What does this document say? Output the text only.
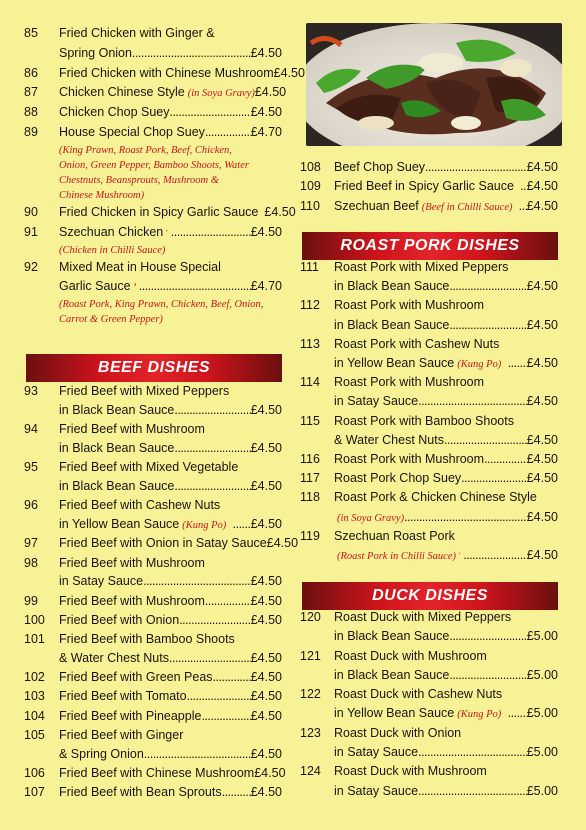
85	Fried Chicken with Ginger &
Spring Onion .....	£4.50
86	Fried Chicken with Chinese Mushroom £4.50
87	Chicken Chinese Style (in Soya Gravy) £4.50
88	Chicken Chop Suey .....	£4.50
89	House Special Chop Suey .....	£4.70
(King Prawn, Roast Pork, Beef, Chicken,
Onion, Green Pepper, Bamboo Shoots, Water
Chestnuts, Beansprouts, Mushroom &
Chinese Mushroom)
90	Fried Chicken in Spicy Garlic Sauce £4.50
91	Szechuan Chicken .....	£4.50
(Chicken in Chilli Sauce)
92	Mixed Meat in House Special
Garlic Sauce .....	£4.70
(Roast Pork, King Prawn, Chicken, Beef, Onion,
Carrot & Green Pepper)
BEEF DISHES
93	Fried Beef with Mixed Peppers
in Black Bean Sauce .....	£4.50
94	Fried Beef with Mushroom
in Black Bean Sauce .....	£4.50
95	Fried Beef with Mixed Vegetable
in Black Bean Sauce .....	£4.50
96	Fried Beef with Cashew Nuts
in Yellow Bean Sauce (Kung Po) ..... £4.50
97	Fried Beef with Onion in Satay Sauce £4.50
98	Fried Beef with Mushroom
in Satay Sauce .....	£4.50
99	Fried Beef with Mushroom .....	£4.50
100	Fried Beef with Onion .....	£4.50
101	Fried Beef with Bamboo Shoots
& Water Chest Nuts .....	£4.50
102	Fried Beef with Green Peas .....	£4.50
103	Fried Beef with Tomato .....	£4.50
104	Fried Beef with Pineapple .....	£4.50
105	Fried Beef with Ginger
& Spring Onion .....	£4.50
106	Fried Beef with Chinese Mushroom £4.50
107	Fried Beef with Bean Sprouts ..... £4.50
108	Beef Chop Suey .....	£4.50
109	Fried Beef in Spicy Garlic Sauce ..... £4.50
110	Szechuan Beef (Beef in Chilli Sauce) ..... £4.50
ROAST PORK DISHES
111	Roast Pork with Mixed Peppers
in Black Bean Sauce .....	£4.50
112	Roast Pork with Mushroom
in Black Bean Sauce .....	£4.50
113	Roast Pork with Cashew Nuts
in Yellow Bean Sauce (Kung Po) ..... £4.50
114	Roast Pork with Mushroom
in Satay Sauce .....	£4.50
115	Roast Pork with Bamboo Shoots
& Water Chest Nuts .....	£4.50
116	Roast Pork with Mushroom .....	£4.50
117	Roast Pork Chop Suey .....	£4.50
118	Roast Pork & Chicken Chinese Style
(in Soya Gravy) .....	£4.50
119	Szechuan Roast Pork
(Roast Pork in Chilli Sauce) .....	£4.50
DUCK DISHES
120	Roast Duck with Mixed Peppers
in Black Bean Sauce .....	£5.00
121	Roast Duck with Mushroom
in Black Bean Sauce .....	£5.00
122	Roast Duck with Cashew Nuts
in Yellow Bean Sauce (Kung Po) ..... £5.00
123	Roast Duck with Onion
in Satay Sauce .....	£5.00
124	Roast Duck with Mushroom
in Satay Sauce .....	£5.00
